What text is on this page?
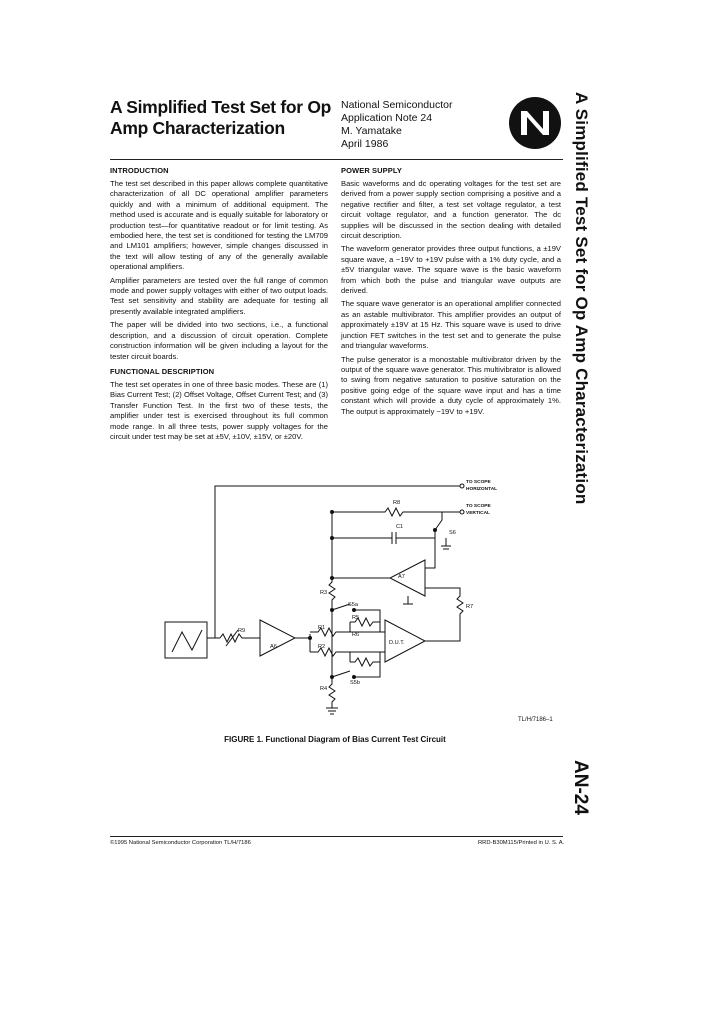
A Simplified Test Set for Op Amp Characterization
National Semiconductor
Application Note 24
M. Yamatake
April 1986
INTRODUCTION

The test set described in this paper allows complete quantitative characterization of all DC operational amplifier parameters quickly and with a minimum of additional equipment. The method used is accurate and is equally suitable for laboratory or production test—for quantitative readout or for limit testing. As embodied here, the test set is conditioned for testing the LM709 and LM101 amplifiers; however, simple changes discussed in the text will allow testing of any of the generally available operational amplifiers.

Amplifier parameters are tested over the full range of common mode and power supply voltages with either of two output loads. Test set sensitivity and stability are adequate for testing all presently available integrated amplifiers.

The paper will be divided into two sections, i.e., a functional description, and a discussion of circuit operation. Complete construction information will be given including a layout for the tester circuit boards.

FUNCTIONAL DESCRIPTION

The test set operates in one of three basic modes. These are (1) Bias Current Test; (2) Offset Voltage, Offset Current Test; and (3) Transfer Function Test. In the first two of these tests, the amplifier under test is exercised throughout its full common mode range. In all three tests, power supply voltages for the circuit under test may be set at ±5V, ±10V, ±15V, or ±20V.

POWER SUPPLY

Basic waveforms and dc operating voltages for the test set are derived from a power supply section comprising a positive and a negative rectifier and filter, a test set voltage regulator, a test circuit voltage regulator, and a function generator. The dc supplies will be discussed in the section dealing with detailed circuit description.

The waveform generator provides three output functions, a ±19V square wave, a −19V to +19V pulse with a 1% duty cycle, and a ±5V triangular wave. The square wave is the basic waveform from which both the pulse and triangular wave outputs are derived.

The square wave generator is an operational amplifier connected as an astable multivibrator. This amplifier provides an output of approximately ±19V at 15 Hz. This square wave is used to drive junction FET switches in the test set and to generate the pulse and triangular waveforms.

The pulse generator is a monostable multivibrator driven by the output of the square wave generator. This multivibrator is allowed to swing from negative saturation to positive saturation on the positive going edge of the square wave input and has a time constant which will provide a duty cycle of approximately 1%. The output is approximately −19V to +19V.	A Simplified Test Set for Op Amp Characterization
AN-24
TO SCOPE
HORIZONTAL
TO SCOPE
VERTICAL
R8
C1
S6
A7
R3
S5a
R5
R1
R6
R2
R4
S5b
R9
A6
D.U.T.
R7
TL/H/7186–1
FIGURE 1. Functional Diagram of Bias Current Test Circuit
©1995 National Semiconductor Corporation TL/H/7186	RRD-B30M115/Printed in U. S. A.
